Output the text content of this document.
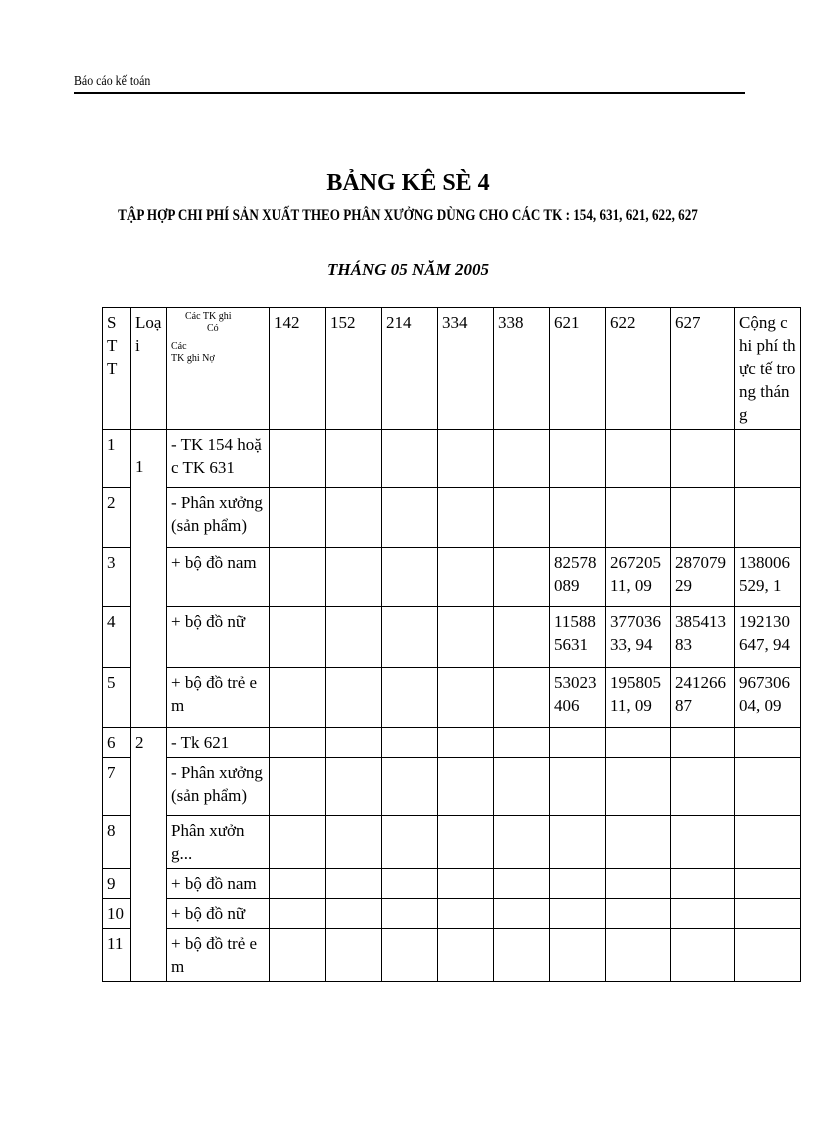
Báo cáo kế toán
BẢNG KÊ SÈ 4
TẬP HỢP CHI PHÍ SẢN XUẤT THEO PHÂN XƯỞNG DÙNG CHO CÁC TK : 154, 631, 621, 622, 627
THÁNG 05 NĂM 2005
S T T	Loại	Các TK ghi
Có
Các
TK ghi Nợ	142	152	214	334	338	621	622	627	Cộng chi phí thực tế trong tháng
1	1	- TK 154 hoặc TK 631									
2		- Phân xưởng (sản phẩm)									
3		+ bộ đồ nam						82578089	26720511, 09	28707929	138006529, 1
4		+ bộ đồ nữ						115885631	37703633, 94	38541383	192130647, 94
5		+ bộ đồ trẻ em						53023406	19580511, 09	24126687	96730604, 09
6	2	- Tk 621									
7		- Phân xưởng (sản phẩm)									
8		Phân xưởng...									
9		+ bộ đồ nam									
10		+ bộ đồ nữ									
11		+ bộ đồ trẻ em									
